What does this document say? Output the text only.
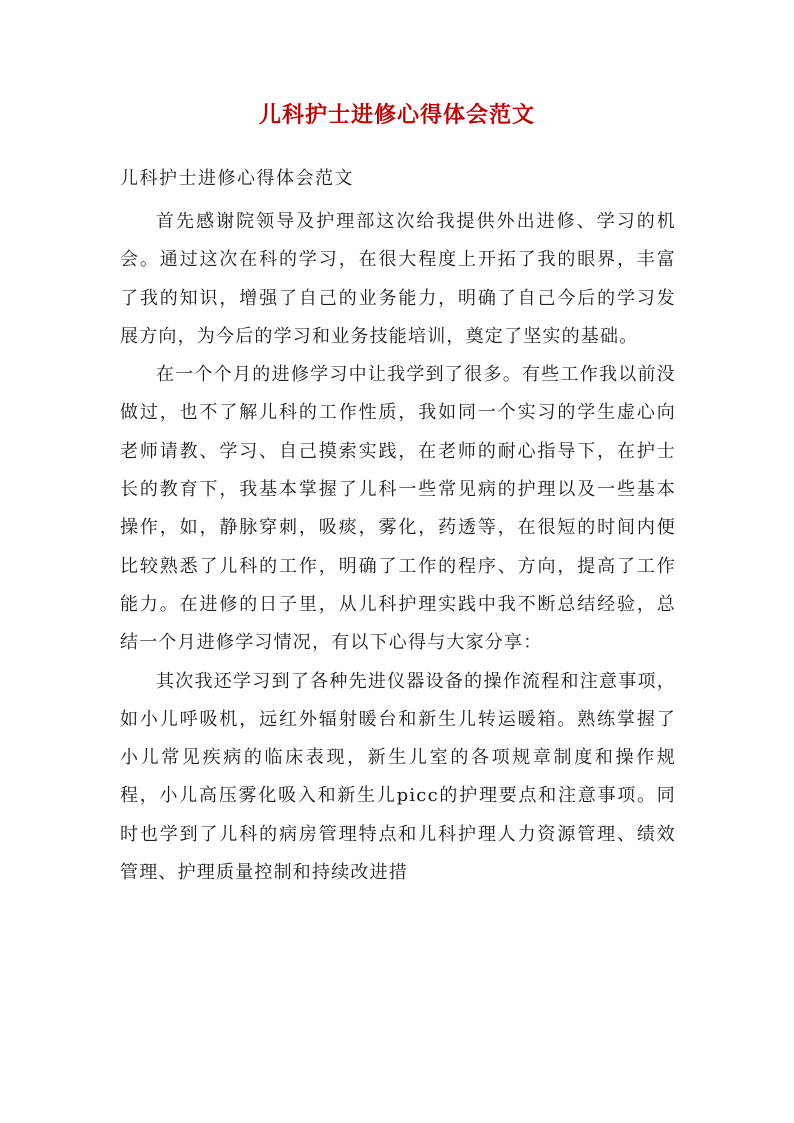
儿科护士进修心得体会范文

儿科护士进修心得体会范文

首先感谢院领导及护理部这次给我提供外出进修、学习的机会。通过这次在科的学习，在很大程度上开拓了我的眼界，丰富了我的知识，增强了自己的业务能力，明确了自己今后的学习发展方向，为今后的学习和业务技能培训，奠定了坚实的基础。

在一个个月的进修学习中让我学到了很多。有些工作我以前没做过，也不了解儿科的工作性质，我如同一个实习的学生虚心向老师请教、学习、自己摸索实践，在老师的耐心指导下，在护士长的教育下，我基本掌握了儿科一些常见病的护理以及一些基本操作，如，静脉穿刺，吸痰，雾化，药透等，在很短的时间内便比较熟悉了儿科的工作，明确了工作的程序、方向，提高了工作能力。在进修的日子里，从儿科护理实践中我不断总结经验，总结一个月进修学习情况，有以下心得与大家分享：

其次我还学习到了各种先进仪器设备的操作流程和注意事项，如小儿呼吸机，远红外辐射暖台和新生儿转运暖箱。熟练掌握了小儿常见疾病的临床表现，新生儿室的各项规章制度和操作规程，小儿高压雾化吸入和新生儿picc的护理要点和注意事项。同时也学到了儿科的病房管理特点和儿科护理人力资源管理、绩效管理、护理质量控制和持续改进措
